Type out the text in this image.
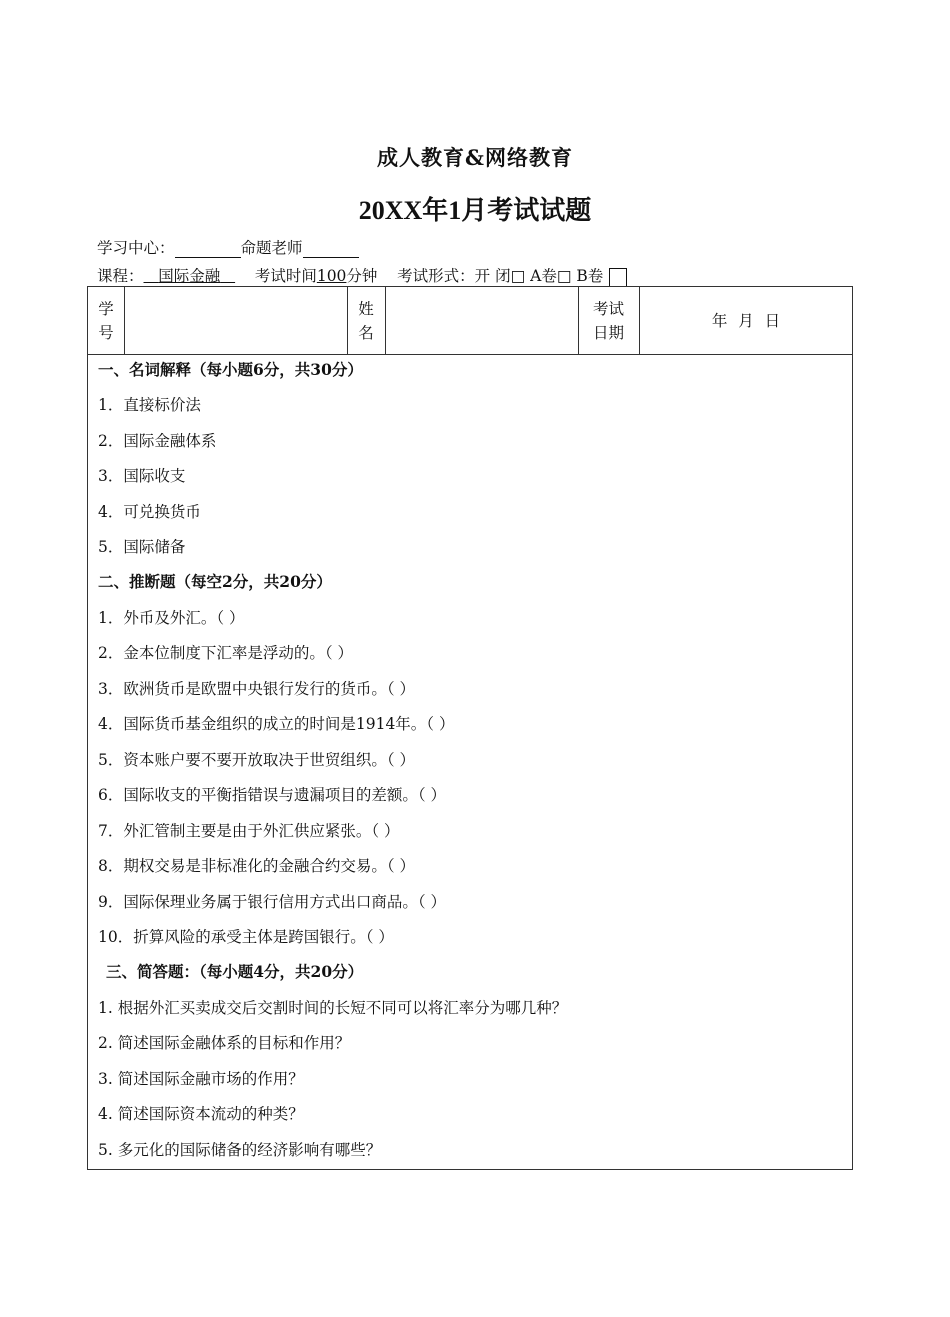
成人教育&网络教育
20XX年1月考试试题
学习中心：	命题老师
课程： 国际金融 考试时间100分钟 考试形式：开 闭□ A卷□ B卷
学
号
姓
名
考试
日期
年 月 日
一、名词解释（每小题6分，共30分）
1．直接标价法
2．国际金融体系
3．国际收支
4．可兑换货币
5．国际储备
二、推断题（每空2分，共20分）
1．外币及外汇。（ ）
2．金本位制度下汇率是浮动的。（ ）
3．欧洲货币是欧盟中央银行发行的货币。（ ）
4．国际货币基金组织的成立的时间是1914年。（ ）
5．资本账户要不要开放取决于世贸组织。（ ）
6．国际收支的平衡指错误与遗漏项目的差额。（ ）
7．外汇管制主要是由于外汇供应紧张。（ ）
8．期权交易是非标准化的金融合约交易。（ ）
9．国际保理业务属于银行信用方式出口商品。（ ）
10．折算风险的承受主体是跨国银行。（ ）
三、简答题：（每小题4分，共20分）
1. 根据外汇买卖成交后交割时间的长短不同可以将汇率分为哪几种？
2. 简述国际金融体系的目标和作用？
3. 简述国际金融市场的作用？
4. 简述国际资本流动的种类？
5. 多元化的国际储备的经济影响有哪些？
